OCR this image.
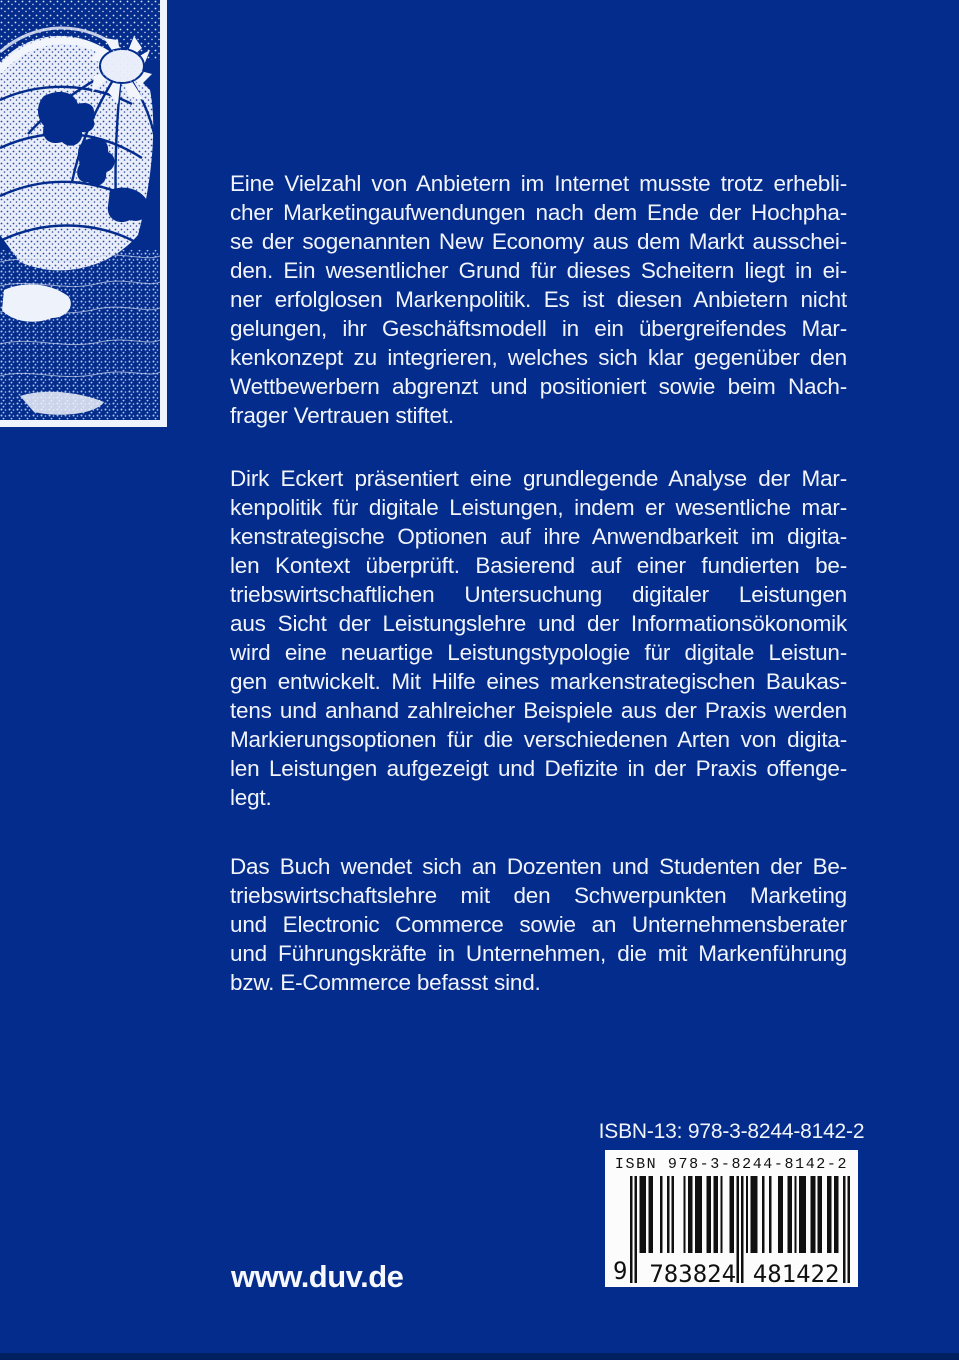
Eine Vielzahl von Anbietern im Internet musste trotz erhebli-
cher Marketingaufwendungen nach dem Ende der Hochpha-
se der sogenannten New Economy aus dem Markt ausschei-
den. Ein wesentlicher Grund für dieses Scheitern liegt in ei-
ner erfolglosen Markenpolitik. Es ist diesen Anbietern nicht
gelungen, ihr Geschäftsmodell in ein übergreifendes Mar-
kenkonzept zu integrieren, welches sich klar gegenüber den
Wettbewerbern abgrenzt und positioniert sowie beim Nach-
frager Vertrauen stiftet.
Dirk Eckert präsentiert eine grundlegende Analyse der Mar-
kenpolitik für digitale Leistungen, indem er wesentliche mar-
kenstrategische Optionen auf ihre Anwendbarkeit im digita-
len Kontext überprüft. Basierend auf einer fundierten be-
triebswirtschaftlichen Untersuchung digitaler Leistungen
aus Sicht der Leistungslehre und der Informationsökonomik
wird eine neuartige Leistungstypologie für digitale Leistun-
gen entwickelt. Mit Hilfe eines markenstrategischen Baukas-
tens und anhand zahlreicher Beispiele aus der Praxis werden
Markierungsoptionen für die verschiedenen Arten von digita-
len Leistungen aufgezeigt und Defizite in der Praxis offenge-
legt.
Das Buch wendet sich an Dozenten und Studenten der Be-
triebswirtschaftslehre mit den Schwerpunkten Marketing
und Electronic Commerce sowie an Unternehmensberater
und Führungskräfte in Unternehmen, die mit Markenführung
bzw. E-Commerce befasst sind.
ISBN-13: 978-3-8244-8142-2
ISBN 978-3-8244-8142-2
9 783824 481422
www.duv.de
